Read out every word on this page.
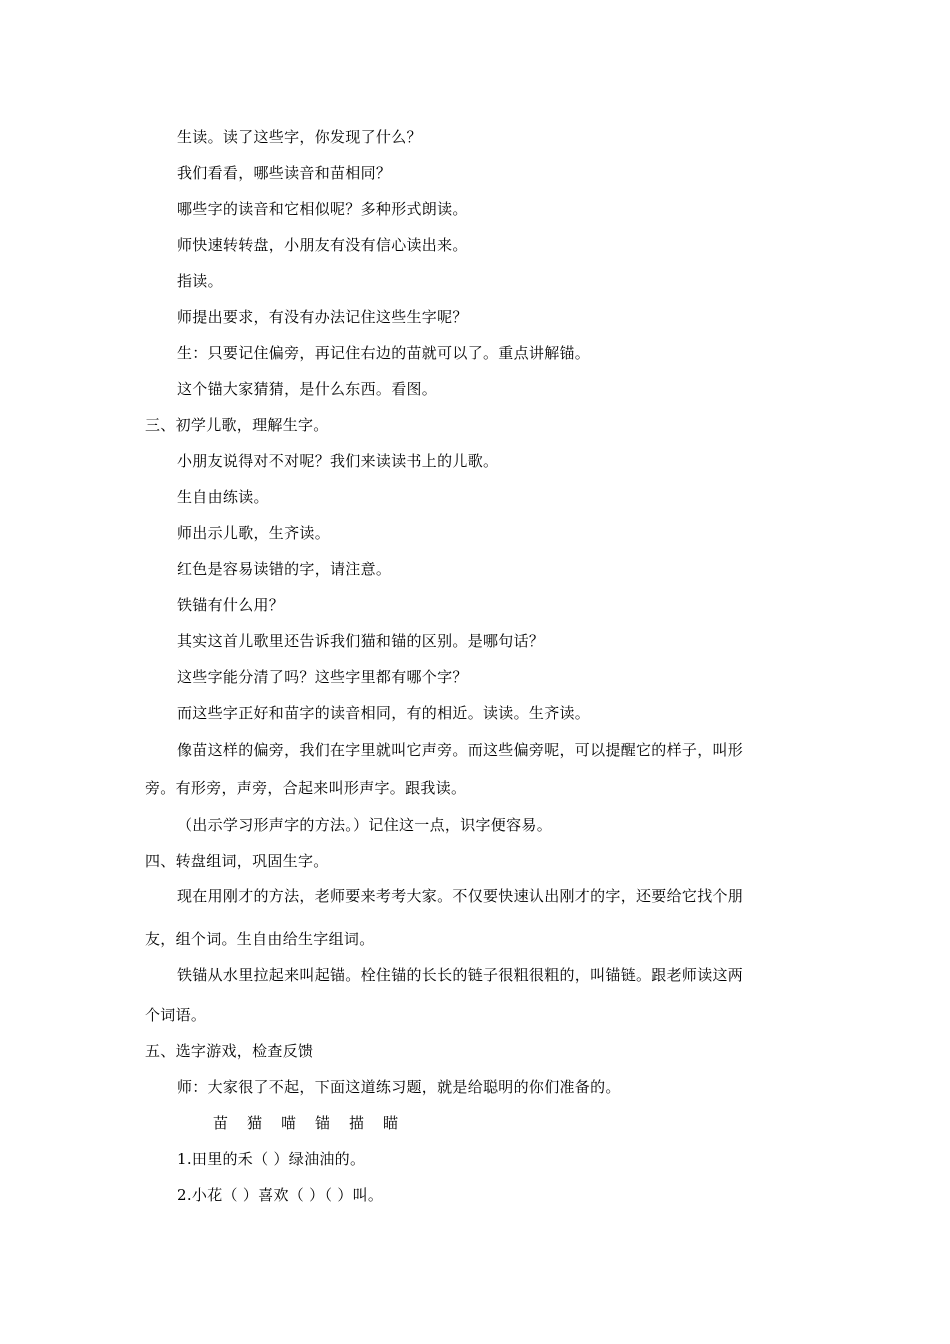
生读。读了这些字，你发现了什么？
我们看看，哪些读音和苗相同？
哪些字的读音和它相似呢？多种形式朗读。
师快速转转盘，小朋友有没有信心读出来。
指读。
师提出要求，有没有办法记住这些生字呢？
生：只要记住偏旁，再记住右边的苗就可以了。重点讲解锚。
这个锚大家猜猜，是什么东西。看图。
三、初学儿歌，理解生字。
小朋友说得对不对呢？我们来读读书上的儿歌。
生自由练读。
师出示儿歌，生齐读。
红色是容易读错的字，请注意。
铁锚有什么用？
其实这首儿歌里还告诉我们猫和锚的区别。是哪句话？
这些字能分清了吗？这些字里都有哪个字？
而这些字正好和苗字的读音相同，有的相近。读读。生齐读。
像苗这样的偏旁，我们在字里就叫它声旁。而这些偏旁呢，可以提醒它的样子，叫形
旁。有形旁，声旁，合起来叫形声字。跟我读。
（出示学习形声字的方法。）记住这一点，识字便容易。
四、转盘组词，巩固生字。
现在用刚才的方法，老师要来考考大家。不仅要快速认出刚才的字，还要给它找个朋
友，组个词。生自由给生字组词。
铁锚从水里拉起来叫起锚。栓住锚的长长的链子很粗很粗的，叫锚链。跟老师读这两
个词语。
五、选字游戏，检查反馈
师：大家很了不起，下面这道练习题，就是给聪明的你们准备的。
苗 猫 喵 锚 描 瞄
1.田里的禾（ ）绿油油的。
2.小花（ ）喜欢（ ）（ ）叫。
